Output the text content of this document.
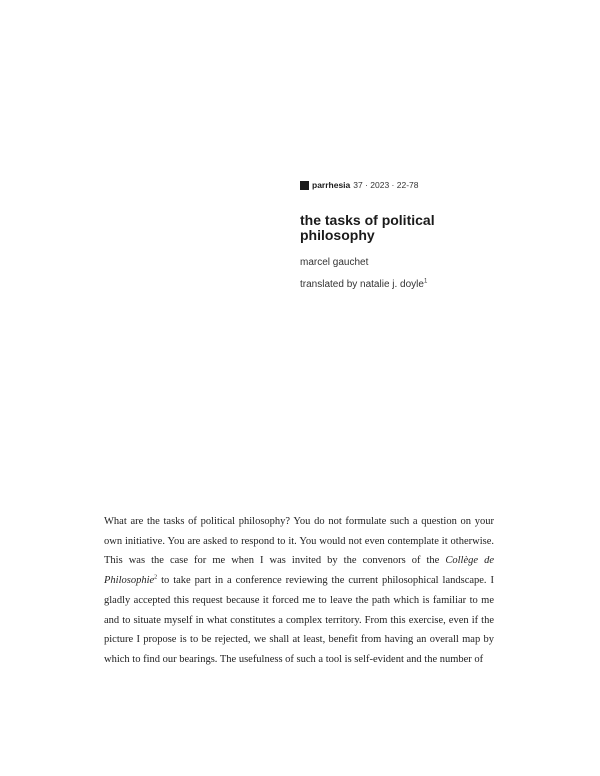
parrhesia 37 · 2023 · 22-78
the tasks of political philosophy
marcel gauchet
translated by natalie j. doyle$^1$

What are the tasks of political philosophy? You do not formulate such a question on your own initiative. You are asked to respond to it. You would not even contemplate it otherwise. This was the case for me when I was invited by the convenors of the Collège de Philosophie$^2$ to take part in a conference reviewing the current philosophical landscape. I gladly accepted this request because it forced me to leave the path which is familiar to me and to situate myself in what constitutes a complex territory. From this exercise, even if the picture I propose is to be rejected, we shall at least, benefit from having an overall map by which to find our bearings. The usefulness of such a tool is self-evident and the number of
